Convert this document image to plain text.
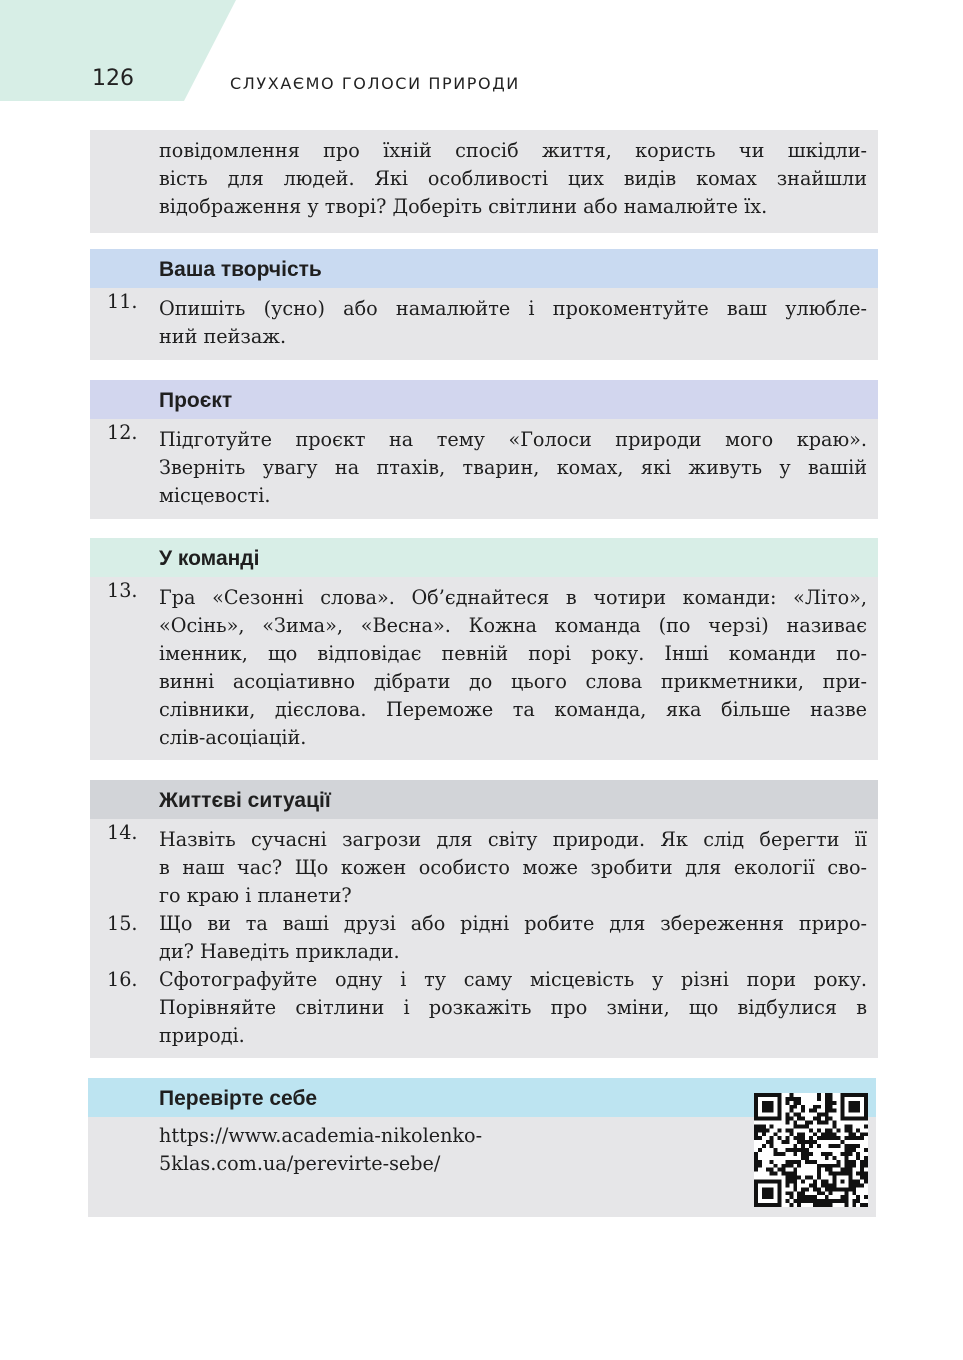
126	СЛУХАЄМО ГОЛОСИ ПРИРОДИ
повідомлення про їхній спосіб життя, користь чи шкідли-
вість для людей. Які особливості цих видів комах знайшли
відображення у творі? Доберіть світлини або намалюйте їх.
Ваша творчість
11. Опишіть (усно) або намалюйте і прокоментуйте ваш улюбле-
ний пейзаж.
Проєкт
12. Підготуйте проєкт на тему «Голоси природи мого краю».
Зверніть увагу на птахів, тварин, комах, які живуть у вашій
місцевості.
У команді
13. Гра «Сезонні слова». Об’єднайтеся в чотири команди: «Літо»,
«Осінь», «Зима», «Весна». Кожна команда (по черзі) називає
іменник, що відповідає певній порі року. Інші команди по-
винні асоціативно дібрати до цього слова прикметники, при-
слівники, дієслова. Переможе та команда, яка більше назве
слів-асоціацій.
Життєві ситуації
14. Назвіть сучасні загрози для світу природи. Як слід берегти її
в наш час? Що кожен особисто може зробити для екології сво-
го краю і планети?
15. Що ви та ваші друзі або рідні робите для збереження приро-
ди? Наведіть приклади.
16. Сфотографуйте одну і ту саму місцевість у різні пори року.
Порівняйте світлини і розкажіть про зміни, що відбулися в
природі.
Перевірте себе
https://www.academia-nikolenko-
5klas.com.ua/perevirte-sebe/
